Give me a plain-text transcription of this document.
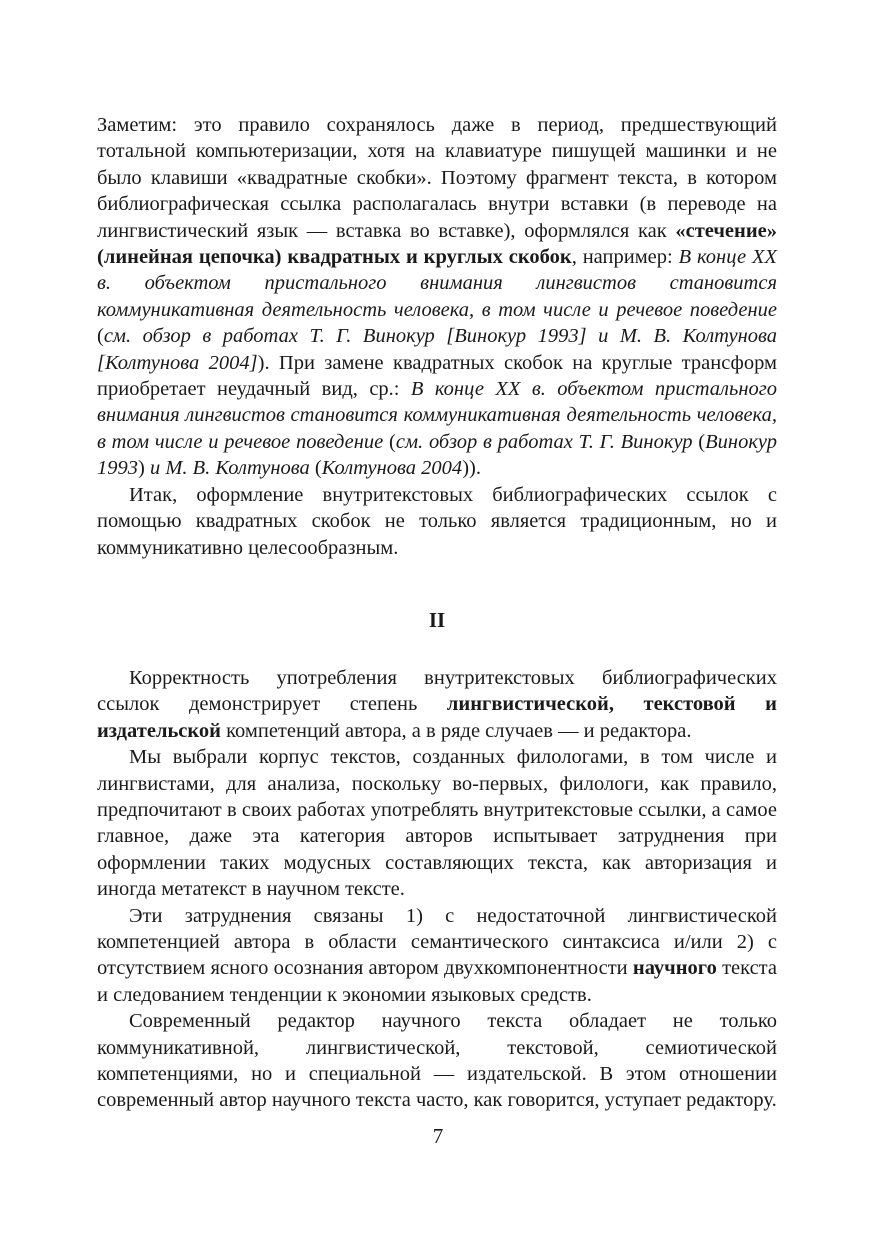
Заметим: это правило сохранялось даже в период, предшествующий тотальной компьютеризации, хотя на клавиатуре пишущей машинки и не было клавиши «квадратные скобки». Поэтому фрагмент текста, в котором библиографическая ссылка располагалась внутри вставки (в переводе на лингвистический язык — вставка во вставке), оформлялся как «стечение» (линейная цепочка) квадратных и круглых скобок, например: В конце XX в. объектом пристального внимания лингвистов становится коммуникативная деятельность человека, в том числе и речевое поведение (см. обзор в работах Т. Г. Винокур [Винокур 1993] и М. В. Колтунова [Колтунова 2004]). При замене квадратных скобок на круглые трансформ приобретает неудачный вид, ср.: В конце XX в. объектом пристального внимания лингвистов становится коммуникативная деятельность человека, в том числе и речевое поведение (см. обзор в работах Т. Г. Винокур (Винокур 1993) и М. В. Колтунова (Колтунова 2004)).

Итак, оформление внутритекстовых библиографических ссылок с помощью квадратных скобок не только является традиционным, но и коммуникативно целесообразным.

II

Корректность употребления внутритекстовых библиографических ссылок демонстрирует степень лингвистической, текстовой и издательской компетенций автора, а в ряде случаев — и редактора.

Мы выбрали корпус текстов, созданных филологами, в том числе и лингвистами, для анализа, поскольку во-первых, филологи, как правило, предпочитают в своих работах употреблять внутритекстовые ссылки, а самое главное, даже эта категория авторов испытывает затруднения при оформлении таких модусных составляющих текста, как авторизация и иногда метатекст в научном тексте.

Эти затруднения связаны 1) с недостаточной лингвистической компетенцией автора в области семантического синтаксиса и/или 2) с отсутствием ясного осознания автором двухкомпонентности научного текста и следованием тенденции к экономии языковых средств.

Современный редактор научного текста обладает не только коммуникативной, лингвистической, текстовой, семиотической компетенциями, но и специальной — издательской. В этом отношении современный автор научного текста часто, как говорится, уступает редактору.

7
